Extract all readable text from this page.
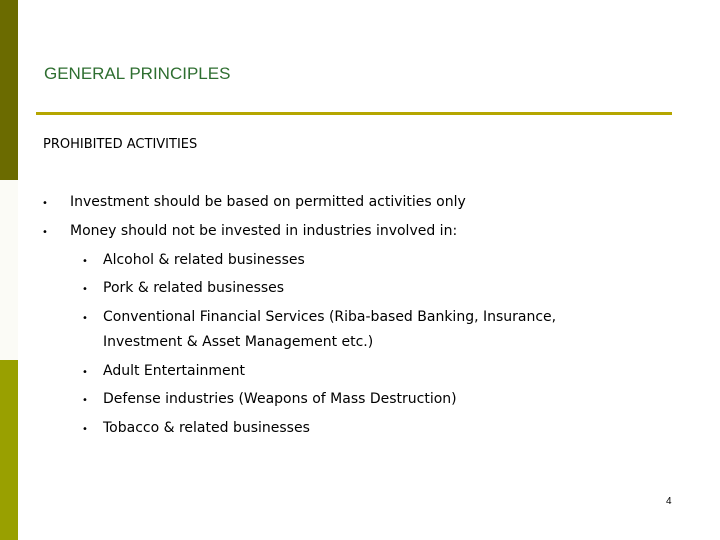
GENERAL PRINCIPLES
PROHIBITED ACTIVITIES
• Investment should be based on permitted activities only
• Money should not be invested in industries involved in:
• Alcohol & related businesses
• Pork & related businesses
• Conventional Financial Services (Riba-based Banking, Insurance,
Investment & Asset Management etc.)
• Adult Entertainment
• Defense industries (Weapons of Mass Destruction)
• Tobacco & related businesses
4
